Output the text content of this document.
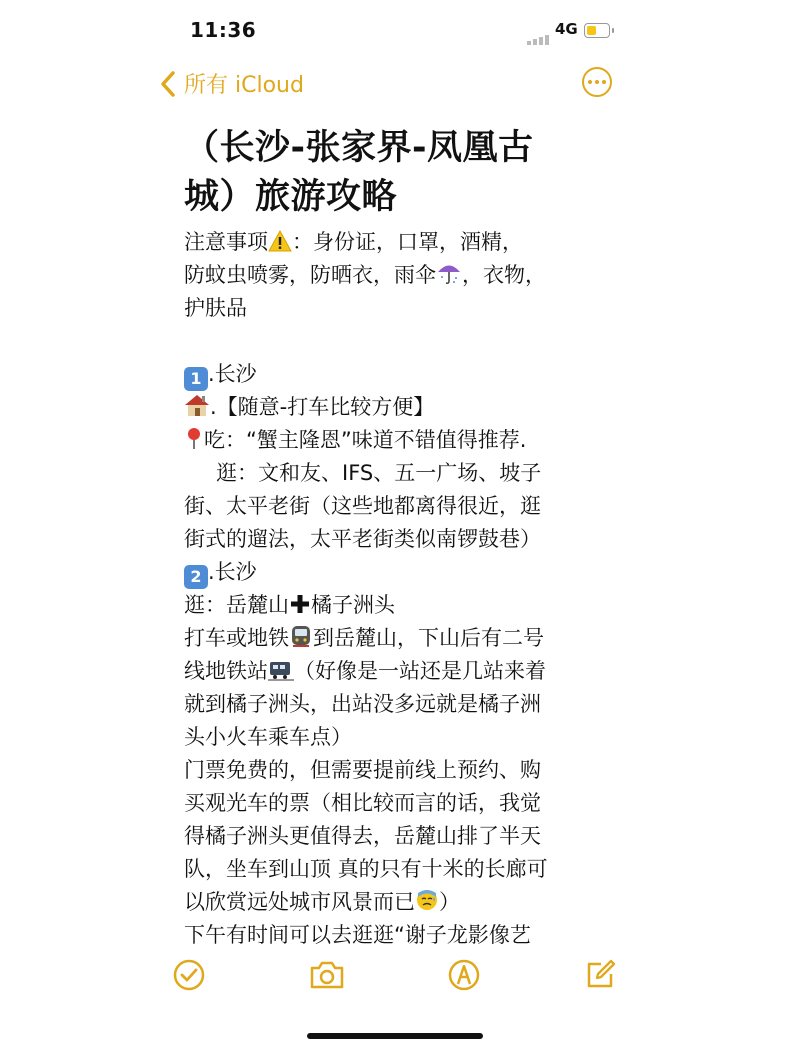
11:36	4G
所有 iCloud
（长沙-张家界-凤凰古
城）旅游攻略
注意事项 ：身份证，口罩，酒精，
防蚊虫喷雾，防晒衣，雨伞 ，衣物，
护肤品
1 .长沙
.【随意-打车比较方便】
吃：“蟹主隆恩”味道不错值得推荐.
逛：文和友、IFS、五一广场、坡子
街、太平老街（这些地都离得很近，逛
街式的遛法，太平老街类似南锣鼓巷）
2 .长沙
逛：岳麓山 橘子洲头
打车或地铁 到岳麓山，下山后有二号
线地铁站 （好像是一站还是几站来着
就到橘子洲头，出站没多远就是橘子洲
头小火车乘车点）
门票免费的，但需要提前线上预约、购
买观光车的票（相比较而言的话，我觉
得橘子洲头更值得去，岳麓山排了半天
队，坐车到山顶 真的只有十米的长廊可
以欣赏远处城市风景而已 ）
下午有时间可以去逛逛“谢子龙影像艺
